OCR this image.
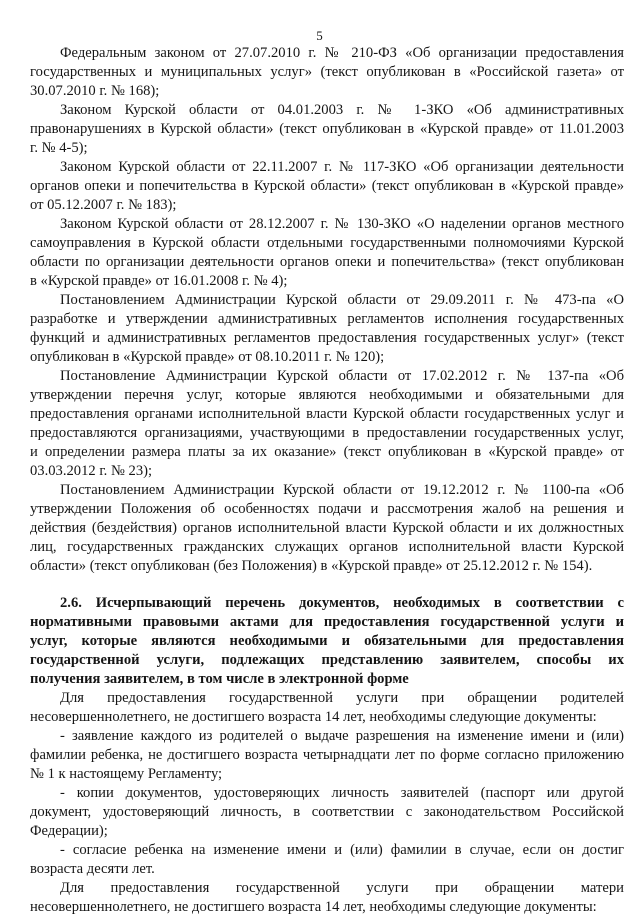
5
Федеральным законом от 27.07.2010 г. № 210-ФЗ «Об организации предоставления
государственных и муниципальных услуг» (текст опубликован в «Российской газета» от
30.07.2010 г. № 168);
Законом Курской области от 04.01.2003 г. № 1-ЗКО «Об административных
правонарушениях в Курской области» (текст опубликован в «Курской правде» от 11.01.2003
г. № 4-5);
Законом Курской области от 22.11.2007 г. № 117-ЗКО «Об организации деятельности
органов опеки и попечительства в Курской области» (текст опубликован в «Курской правде»
от 05.12.2007 г. № 183);
Законом Курской области от 28.12.2007 г. № 130-ЗКО «О наделении органов местного
самоуправления в Курской области отдельными государственными полномочиями Курской
области по организации деятельности органов опеки и попечительства» (текст опубликован
в «Курской правде» от 16.01.2008 г. № 4);
Постановлением Администрации Курской области от 29.09.2011 г. № 473-па «О
разработке и утверждении административных регламентов исполнения государственных
функций и административных регламентов предоставления государственных услуг» (текст
опубликован в «Курской правде» от 08.10.2011 г. № 120);
Постановление Администрации Курской области от 17.02.2012 г. № 137-па «Об
утверждении перечня услуг, которые являются необходимыми и обязательными для
предоставления органами исполнительной власти Курской области государственных услуг и
предоставляются организациями, участвующими в предоставлении государственных услуг,
и определении размера платы за их оказание» (текст опубликован в «Курской правде» от
03.03.2012 г. № 23);
Постановлением Администрации Курской области от 19.12.2012 г. № 1100-па «Об
утверждении Положения об особенностях подачи и рассмотрения жалоб на решения и
действия (бездействия) органов исполнительной власти Курской области и их должностных
лиц, государственных гражданских служащих органов исполнительной власти Курской
области» (текст опубликован (без Положения) в «Курской правде» от 25.12.2012 г. № 154).
2.6. Исчерпывающий перечень документов, необходимых в соответствии с
нормативными правовыми актами для предоставления государственной услуги и
услуг, которые являются необходимыми и обязательными для предоставления
государственной услуги, подлежащих представлению заявителем, способы их
получения заявителем, в том числе в электронной форме
Для предоставления государственной услуги при обращении родителей
несовершеннолетнего, не достигшего возраста 14 лет, необходимы следующие документы:
- заявление каждого из родителей о выдаче разрешения на изменение имени и (или)
фамилии ребенка, не достигшего возраста четырнадцати лет по форме согласно приложению
№ 1 к настоящему Регламенту;
- копии документов, удостоверяющих личность заявителей (паспорт или другой
документ, удостоверяющий личность, в соответствии с законодательством Российской
Федерации);
- согласие ребенка на изменение имени и (или) фамилии в случае, если он достиг
возраста десяти лет.
Для предоставления государственной услуги при обращении матери
несовершеннолетнего, не достигшего возраста 14 лет, необходимы следующие документы:
